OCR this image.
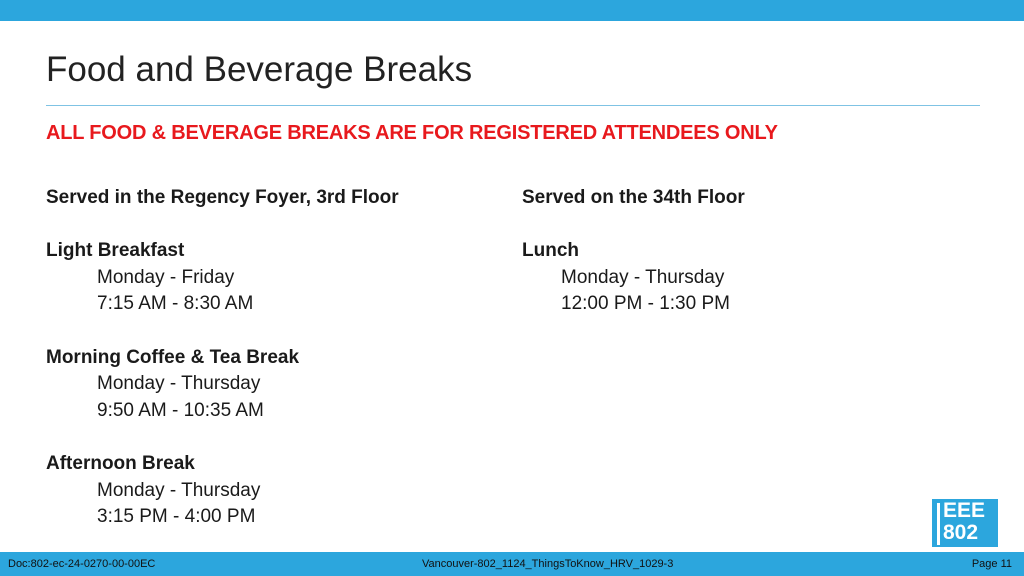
Food and Beverage Breaks
ALL FOOD & BEVERAGE BREAKS ARE FOR REGISTERED ATTENDEES ONLY
Served in the Regency Foyer, 3rd Floor
Light Breakfast
Monday - Friday
7:15 AM - 8:30 AM
Morning Coffee & Tea Break
Monday - Thursday
9:50 AM - 10:35 AM
Afternoon Break
Monday - Thursday
3:15 PM - 4:00 PM
Served on the 34th Floor
Lunch
Monday - Thursday
12:00 PM - 1:30 PM
EEE
802
Doc:802-ec-24-0270-00-00EC	Vancouver-802_1124_ThingsToKnow_HRV_1029-3	Page 11
